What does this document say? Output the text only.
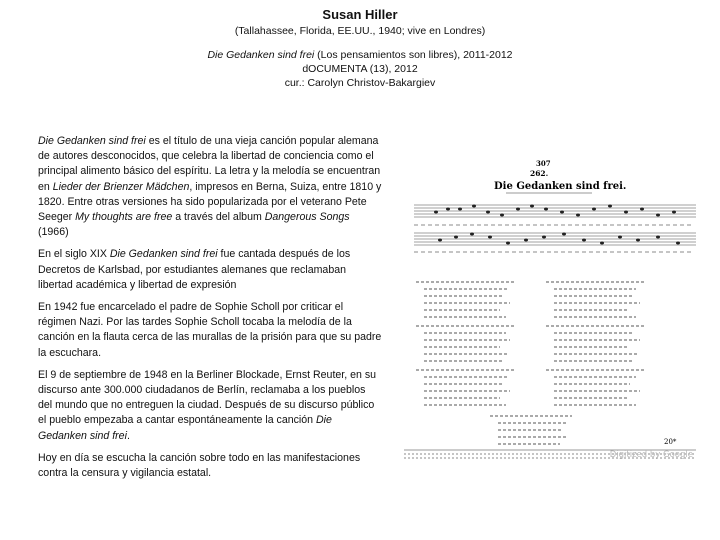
Susan Hiller
(Tallahassee, Florida, EE.UU., 1940; vive en Londres)
Die Gedanken sind frei (Los pensamientos son libres), 2011-2012
dOCUMENTA (13), 2012
cur.: Carolyn Christov-Bakargiev

Die Gedanken sind frei es el título de una vieja canción popular alemana de autores desconocidos, que celebra la libertad de conciencia como el principal alimento básico del espíritu. La letra y la melodía se encuentran en Lieder der Brienzer Mädchen, impresos en Berna, Suiza, entre 1810 y 1820. Entre otras versiones ha sido popularizada por el veterano Pete Seeger My thoughts are free a través del album Dangerous Songs (1966)

En el siglo XIX Die Gedanken sind frei fue cantada después de los Decretos de Karlsbad, por estudiantes alemanes que reclamaban libertad académica y libertad de expresión

En 1942 fue encarcelado el padre de Sophie Scholl por criticar el régimen Nazi. Por las tardes Sophie Scholl tocaba la melodía de la canción en la flauta cerca de las murallas de la prisión para que su padre la escuchara.

El 9 de septiembre de 1948 en la Berliner Blockade, Ernst Reuter, en su discurso ante 300.000 ciudadanos de Berlín, reclamaba a los pueblos del mundo que no entreguen la ciudad. Después de su discurso público el pueblo empezaba a cantar espontáneamente la canción Die Gedanken sind frei.

Hoy en día se escucha la canción sobre todo en las manifestaciones contra la censura y vigilancia estatal.

307
262.
Die Gedanken sind frei.
20*
Digitized by Google
